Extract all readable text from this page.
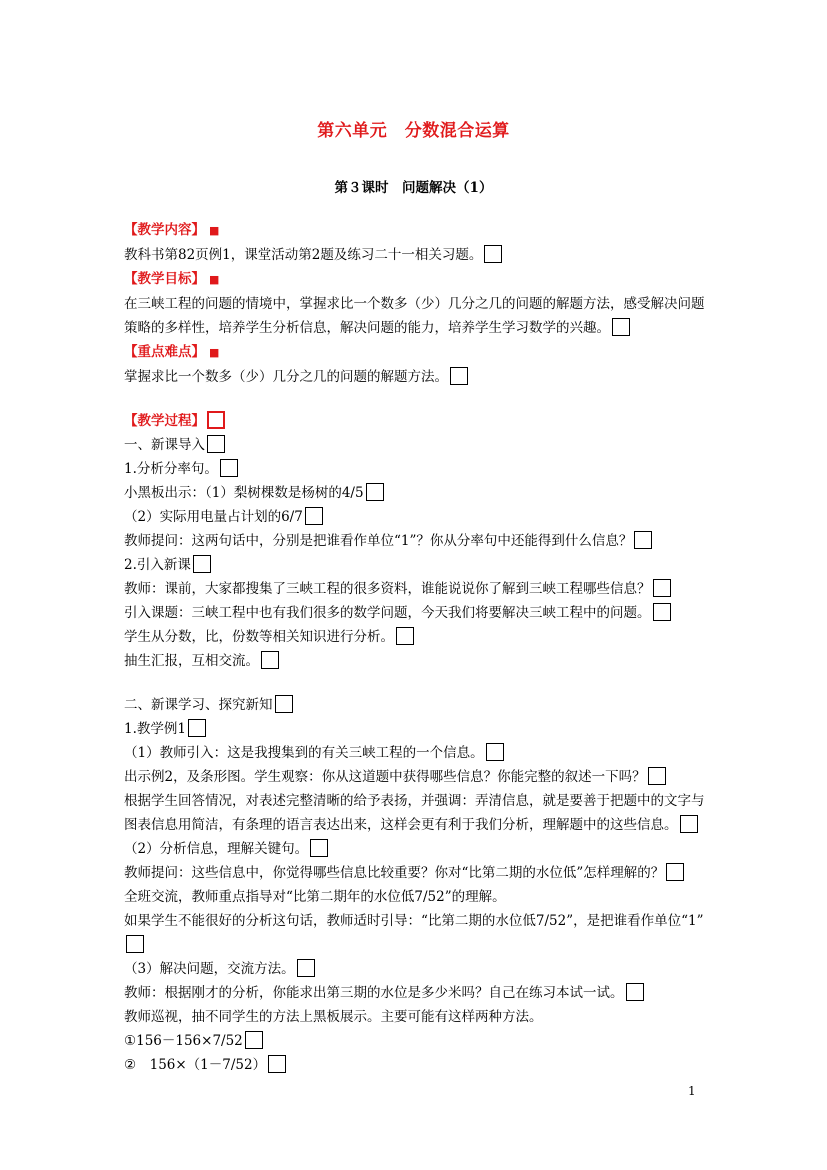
第六单元　分数混合运算
第３课时　问题解决（1）
【教学内容】 ■
教科书第82页例1，课堂活动第2题及练习二十一相关习题。
【教学目标】 ■
在三峡工程的问题的情境中，掌握求比一个数多（少）几分之几的问题的解题方法，感受解决问题策略的多样性，培养学生分析信息，解决问题的能力，培养学生学习数学的兴趣。
【重点难点】 ■
掌握求比一个数多（少）几分之几的问题的解题方法。
【教学过程】
一、新课导入
1.分析分率句。
小黑板出示：（1）梨树棵数是杨树的4/5
（2）实际用电量占计划的6/7
教师提问：这两句话中，分别是把谁看作单位“1”？你从分率句中还能得到什么信息？
2.引入新课
教师：课前，大家都搜集了三峡工程的很多资料，谁能说说你了解到三峡工程哪些信息？
引入课题：三峡工程中也有我们很多的数学问题，今天我们将要解决三峡工程中的问题。
学生从分数，比，份数等相关知识进行分析。
抽生汇报，互相交流。
二、新课学习、探究新知
1.教学例1
（1）教师引入：这是我搜集到的有关三峡工程的一个信息。
出示例2，及条形图。学生观察：你从这道题中获得哪些信息？你能完整的叙述一下吗？
根据学生回答情况，对表述完整清晰的给予表扬，并强调：弄清信息，就是要善于把题中的文字与图表信息用简洁，有条理的语言表达出来，这样会更有利于我们分析，理解题中的这些信息。
（2）分析信息，理解关键句。
教师提问：这些信息中，你觉得哪些信息比较重要？你对“比第二期的水位低”怎样理解的？
全班交流，教师重点指导对“比第二期年的水位低7/52”的理解。
如果学生不能很好的分析这句话，教师适时引导：“比第二期的水位低7/52”，是把谁看作单位“1”
（3）解决问题，交流方法。
教师：根据刚才的分析，你能求出第三期的水位是多少米吗？自己在练习本试一试。
教师巡视，抽不同学生的方法上黑板展示。主要可能有这样两种方法。
①156－156×7/52
②　156×（1－7/52）
1
